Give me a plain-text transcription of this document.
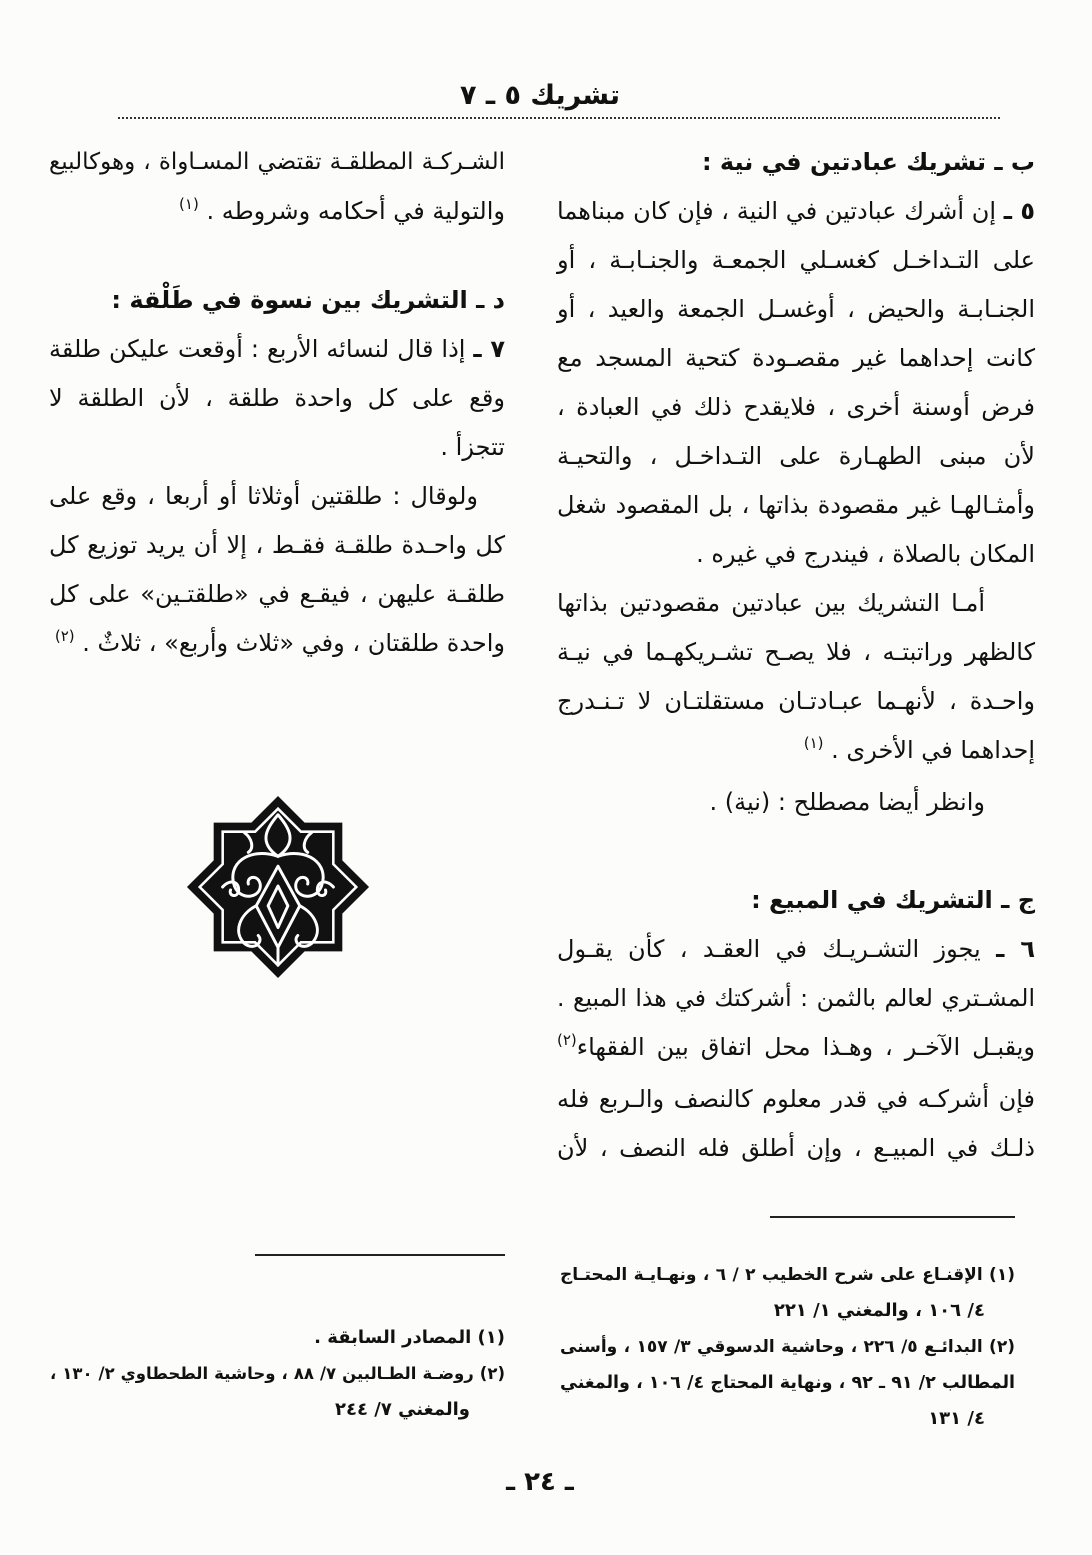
تشريك ٥ ـ ٧
ب ـ تشريك عبادتين في نية :
٥ ـ إن أشرك عبادتين في النية ، فإن كان مبناهما
على التـداخـل كغسـلي الجمعـة والجنـابـة ، أو
الجنـابـة والحيض ، أوغسـل الجمعة والعيد ، أو
كانت إحداهما غير مقصـودة كتحية المسجد مع
فرض أوسنة أخرى ، فلايقدح ذلك في العبادة ،
لأن مبنى الطهـارة على التـداخـل ، والتحيـة
وأمثـالهـا غير مقصودة بذاتها ، بل المقصود شغل
المكان بالصلاة ، فيندرج في غيره .
أمـا التشريك بين عبادتين مقصودتين بذاتها
كالظهر وراتبتـه ، فلا يصـح تشـريكهـما في نيـة
واحـدة ، لأنهـما عبـادتـان مستقلتـان لا تـنـدرج
إحداهما في الأخرى . $^{(١)}$
وانظر أيضا مصطلح : (نية) .
ج ـ التشريك في المبيع :
٦ ـ يجوز التشـريـك في العقـد ، كأن يقـول
المشـتري لعالم بالثمن : أشركتك في هذا المبيع .
ويقبـل الآخـر ، وهـذا محل اتفاق بين الفقهاء$^{(٢)}$
فإن أشركـه في قدر معلوم كالنصف والـربع فله
ذلـك في المبيـع ، وإن أطلق فله النصف ، لأن
الشـركـة المطلقـة تقتضي المسـاواة ، وهوكالبيع
والتولية في أحكامه وشروطه . $^{(١)}$
د ـ التشريك بين نسوة في طَلْقة :
٧ ـ إذا قال لنسائه الأربع : أوقعت عليكن طلقة
وقع على كل واحدة طلقة ، لأن الطلقة لا
تتجزأ .
ولوقال : طلقتين أوثلاثا أو أربعا ، وقع على
كل واحـدة طلقـة فقـط ، إلا أن يريد توزيع كل
طلقـة عليهن ، فيقـع في «طلقتـين» على كل
واحدة طلقتان ، وفي «ثلاث وأربع» ، ثلاثٌ . $^{(٢)}$
(١) الإقنـاع على شرح الخطيب ٢ / ٦ ، ونهـايـة المحتـاج
٤/ ١٠٦ ، والمغني ١/ ٢٢١
(٢) البدائـع ٥/ ٢٢٦ ، وحاشية الدسوقي ٣/ ١٥٧ ، وأسنى
المطالب ٢/ ٩١ ـ ٩٢ ، ونهاية المحتاج ٤/ ١٠٦ ، والمغني
٤/ ١٣١
(١) المصادر السابقة .
(٢) روضـة الطـالبين ٧/ ٨٨ ، وحاشية الطحطاوي ٢/ ١٣٠ ،
والمغني ٧/ ٢٤٤
ـ ٢٤ ـ
